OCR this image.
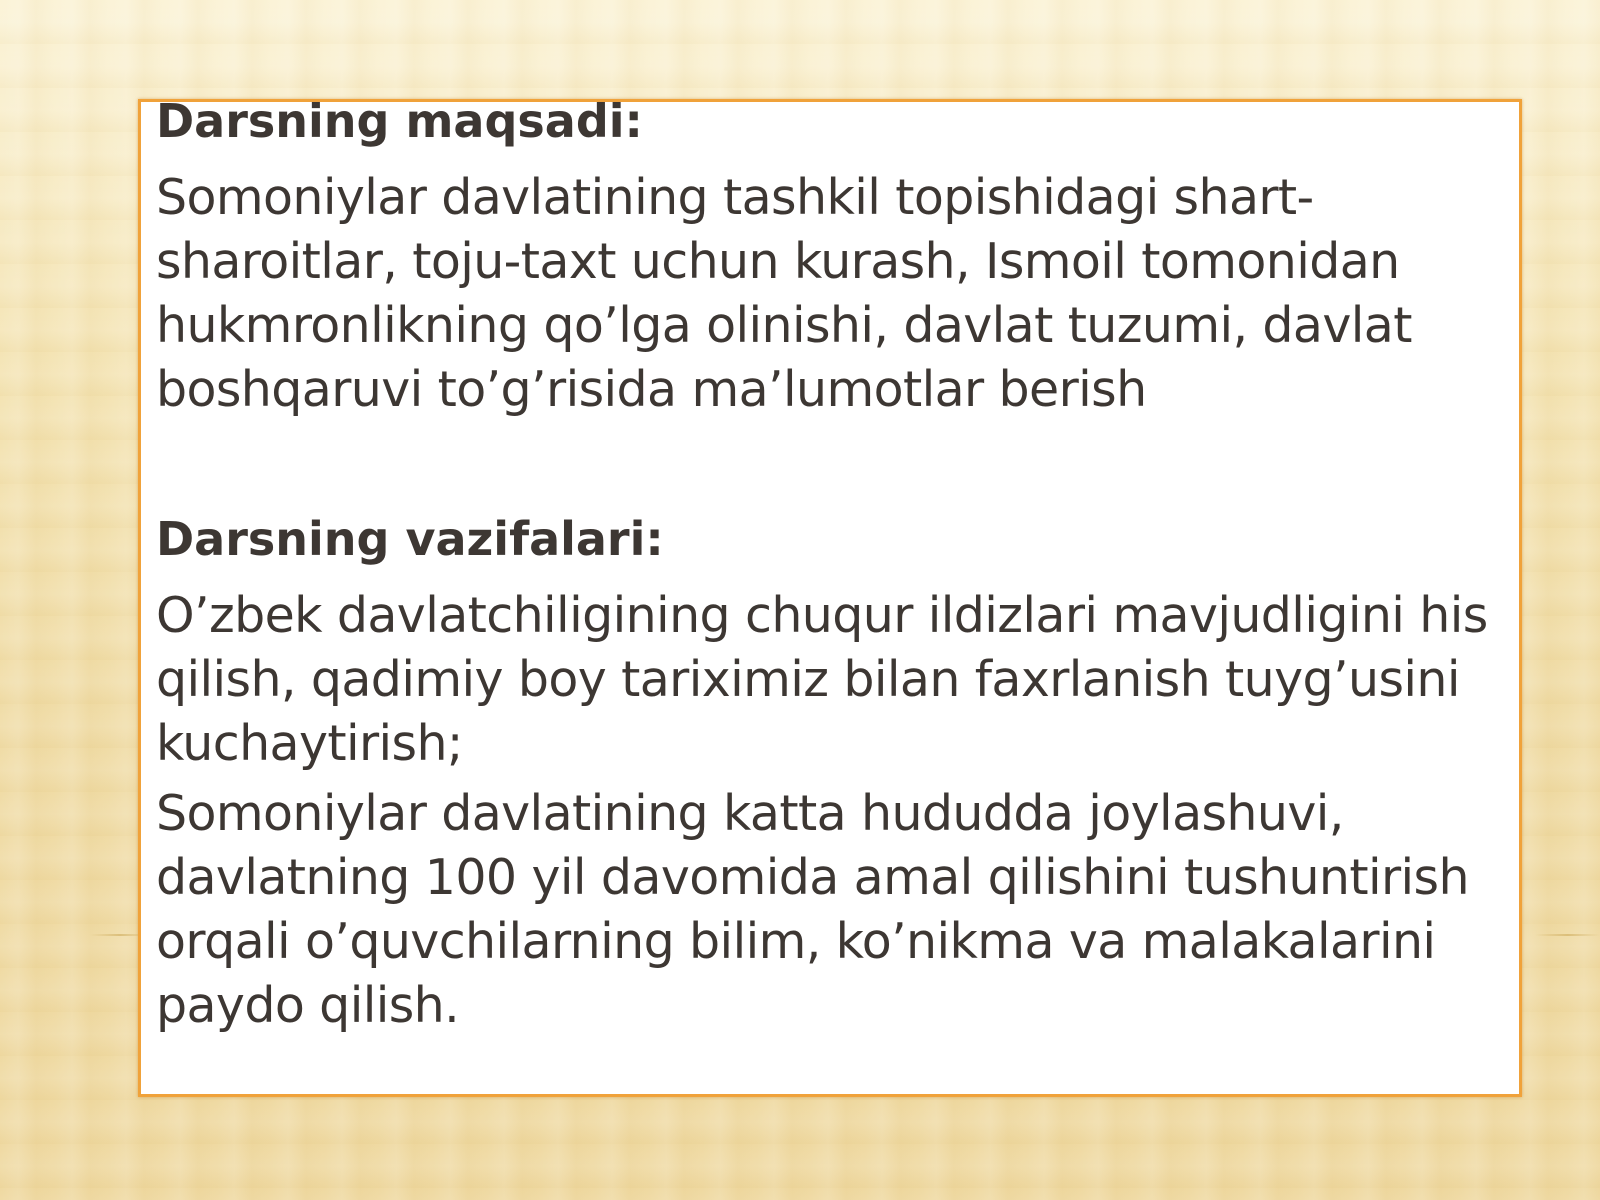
Darsning maqsadi:

Somoniylar davlatining tashkil topishidagi shart-sharoitlar, toju-taxt uchun kurash, Ismoil tomonidan hukmronlikning qo’lga olinishi, davlat tuzumi, davlat boshqaruvi to’g’risida ma’lumotlar berish

Darsning vazifalari:

O’zbek davlatchiligining chuqur ildizlari mavjudligini his qilish, qadimiy boy tariximiz bilan faxrlanish tuyg’usini kuchaytirish;

Somoniylar davlatining katta hududda joylashuvi, davlatning 100 yil davomida amal qilishini tushuntirish orqali o’quvchilarning bilim, ko’nikma va malakalarini paydo qilish.
